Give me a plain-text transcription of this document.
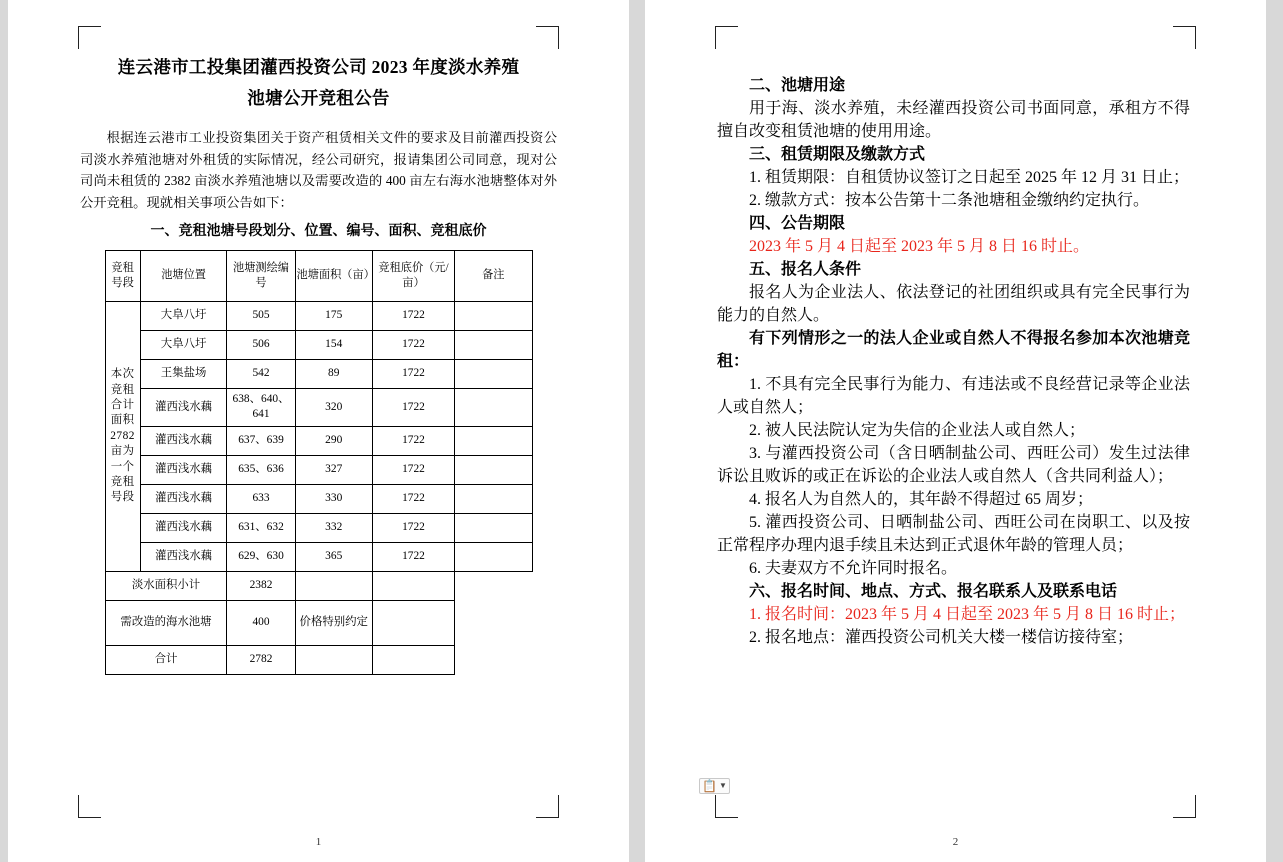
连云港市工投集团灌西投资公司 2023 年度淡水养殖
池塘公开竞租公告

根据连云港市工业投资集团关于资产租赁相关文件的要求及目前灌西投资公司淡水养殖池塘对外租赁的实际情况，经公司研究，报请集团公司同意，现对公司尚未租赁的 2382 亩淡水养殖池塘以及需要改造的 400 亩左右海水池塘整体对外公开竞租。现就相关事项公告如下：

一、竞租池塘号段划分、位置、编号、面积、竞租底价

竞租号段	池塘位置	池塘测绘编号	池塘面积（亩）	竞租底价（元/亩）	备注
本次竞租合计面积 2782 亩为一个竞租号段	大阜八圩	505	175	1722	
	大阜八圩	506	154	1722	
	王集盐场	542	89	1722	
	灌西浅水藕	638、640、641	320	1722	
	灌西浅水藕	637、639	290	1722	
	灌西浅水藕	635、636	327	1722	
	灌西浅水藕	633	330	1722	
	灌西浅水藕	631、632	332	1722	
	灌西浅水藕	629、630	365	1722	
淡水面积小计		2382			
需改造的海水池塘		400	价格特别约定		
合计		2782			
1

二、池塘用途

用于海、淡水养殖，未经灌西投资公司书面同意，承租方不得擅自改变租赁池塘的使用用途。

三、租赁期限及缴款方式

1. 租赁期限：自租赁协议签订之日起至 2025 年 12 月 31 日止；

2. 缴款方式：按本公告第十二条池塘租金缴纳约定执行。

四、公告期限

2023 年 5 月 4 日起至 2023 年 5 月 8 日 16 时止。

五、报名人条件

报名人为企业法人、依法登记的社团组织或具有完全民事行为能力的自然人。

有下列情形之一的法人企业或自然人不得报名参加本次池塘竞租：

1. 不具有完全民事行为能力、有违法或不良经营记录等企业法人或自然人；

2. 被人民法院认定为失信的企业法人或自然人；

3. 与灌西投资公司（含日晒制盐公司、西旺公司）发生过法律诉讼且败诉的或正在诉讼的企业法人或自然人（含共同利益人）；

4. 报名人为自然人的，其年龄不得超过 65 周岁；

5. 灌西投资公司、日晒制盐公司、西旺公司在岗职工、以及按正常程序办理内退手续且未达到正式退休年龄的管理人员；

6. 夫妻双方不允许同时报名。

六、报名时间、地点、方式、报名联系人及联系电话

1. 报名时间：2023 年 5 月 4 日起至 2023 年 5 月 8 日 16 时止；

2. 报名地点：灌西投资公司机关大楼一楼信访接待室；

📋 ▼
2
